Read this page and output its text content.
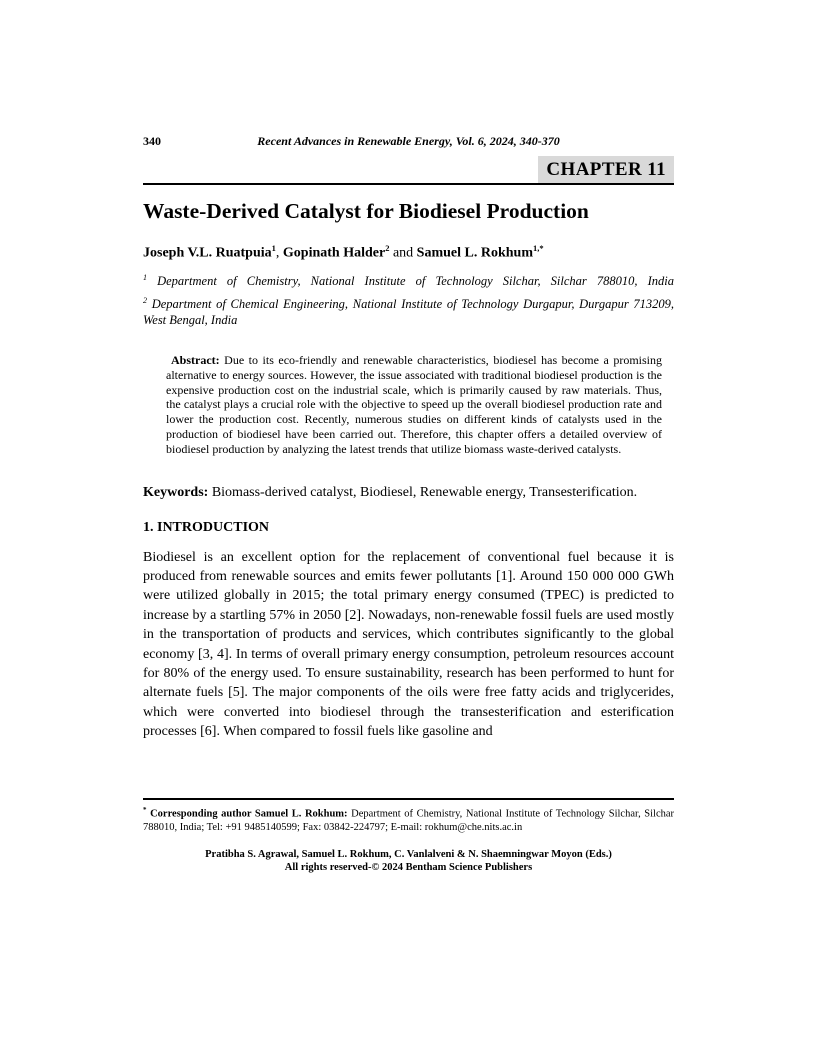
340	Recent Advances in Renewable Energy, Vol. 6, 2024, 340-370
CHAPTER 11
Waste-Derived Catalyst for Biodiesel Production

Joseph V.L. Ruatpuia$^1$, Gopinath Halder$^2$ and Samuel L. Rokhum$^{1,*}$

$^1$ Department of Chemistry, National Institute of Technology Silchar, Silchar 788010, India

$^2$ Department of Chemical Engineering, National Institute of Technology Durgapur, Durgapur 713209, West Bengal, India

Abstract: Due to its eco-friendly and renewable characteristics, biodiesel has become a promising alternative to energy sources. However, the issue associated with traditional biodiesel production is the expensive production cost on the industrial scale, which is primarily caused by raw materials. Thus, the catalyst plays a crucial role with the objective to speed up the overall biodiesel production rate and lower the production cost. Recently, numerous studies on different kinds of catalysts used in the production of biodiesel have been carried out. Therefore, this chapter offers a detailed overview of biodiesel production by analyzing the latest trends that utilize biomass waste-derived catalysts.

Keywords: Biomass-derived catalyst, Biodiesel, Renewable energy, Transesterification.

1. INTRODUCTION

Biodiesel is an excellent option for the replacement of conventional fuel because it is produced from renewable sources and emits fewer pollutants [1]. Around 150 000 000 GWh were utilized globally in 2015; the total primary energy consumed (TPEC) is predicted to increase by a startling 57% in 2050 [2]. Nowadays, non-renewable fossil fuels are used mostly in the transportation of products and services, which contributes significantly to the global economy [3, 4]. In terms of overall primary energy consumption, petroleum resources account for 80% of the energy used. To ensure sustainability, research has been performed to hunt for alternate fuels [5]. The major components of the oils were free fatty acids and triglycerides, which were converted into biodiesel through the transesterification and esterification processes [6]. When compared to fossil fuels like gasoline and

* Corresponding author Samuel L. Rokhum: Department of Chemistry, National Institute of Technology Silchar, Silchar 788010, India; Tel: +91 9485140599; Fax: 03842-224797; E-mail: rokhum@che.nits.ac.in

Pratibha S. Agrawal, Samuel L. Rokhum, C. Vanlalveni & N. Shaemningwar Moyon (Eds.)
All rights reserved-© 2024 Bentham Science Publishers
